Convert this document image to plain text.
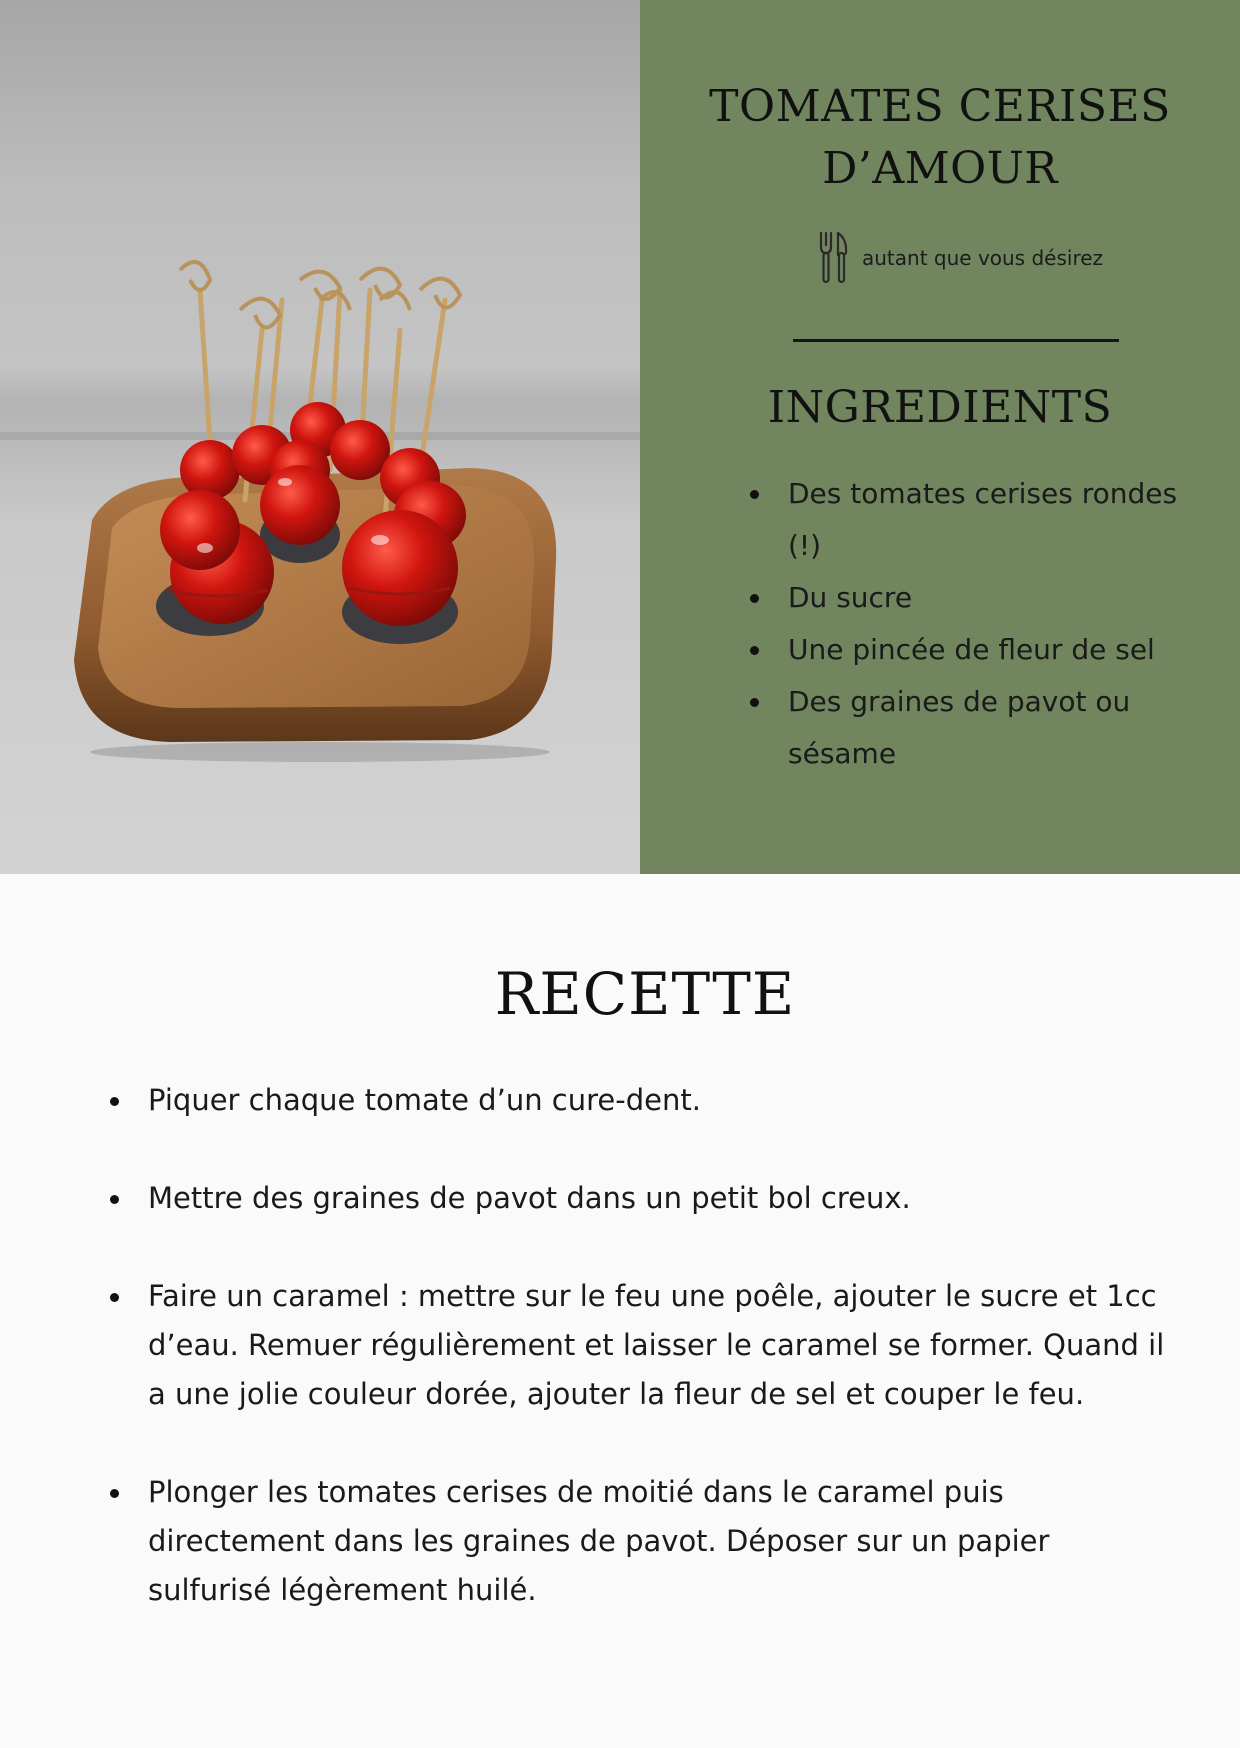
TOMATES CERISES
D’AMOUR
autant que vous désirez
INGREDIENTS
Des tomates cerises rondes (!)
Du sucre
Une pincée de fleur de sel
Des graines de pavot ou sésame
RECETTE
Piquer chaque tomate d’un cure-dent.
Mettre des graines de pavot dans un petit bol creux.
Faire un caramel : mettre sur le feu une poêle, ajouter le sucre et 1cc d’eau. Remuer régulièrement et laisser le caramel se former. Quand il a une jolie couleur dorée, ajouter la fleur de sel et couper le feu.
Plonger les tomates cerises de moitié dans le caramel puis directement dans les graines de pavot. Déposer sur un papier sulfurisé légèrement huilé.
